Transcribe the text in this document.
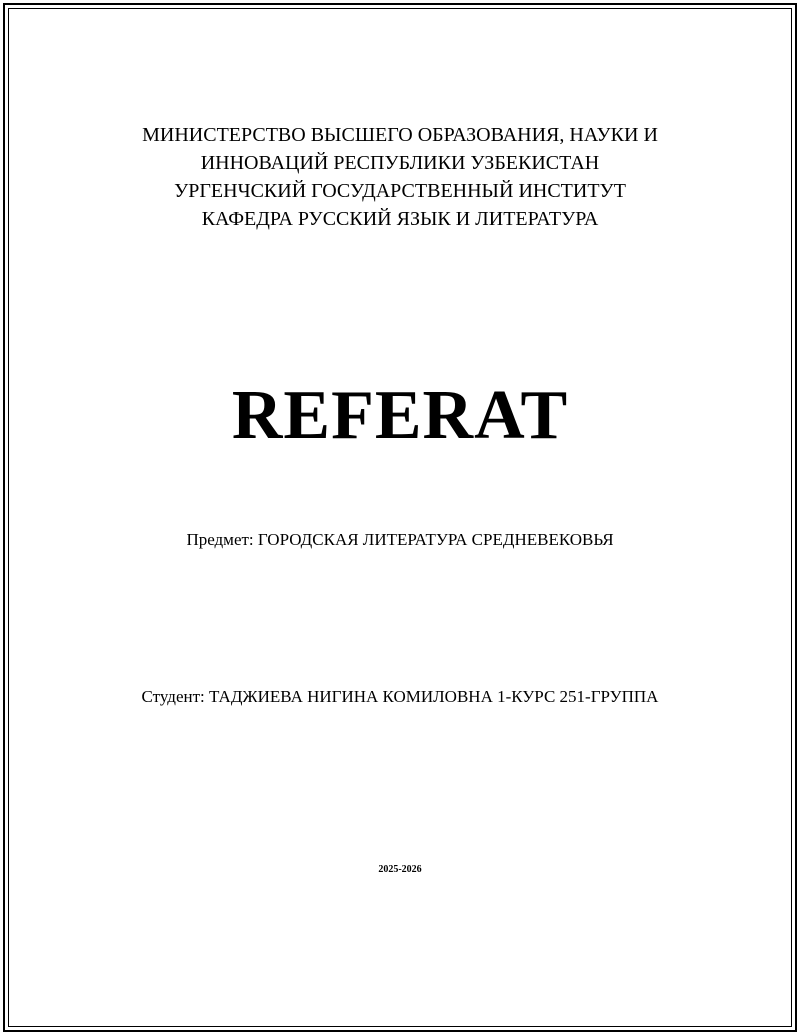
МИНИСТЕРСТВО ВЫСШЕГО ОБРАЗОВАНИЯ, НАУКИ И
ИННОВАЦИЙ РЕСПУБЛИКИ УЗБЕКИСТАН
УРГЕНЧСКИЙ ГОСУДАРСТВЕННЫЙ ИНСТИТУТ
КАФЕДРА РУССКИЙ ЯЗЫК И ЛИТЕРАТУРА
REFERAT
Предмет: ГОРОДСКАЯ ЛИТЕРАТУРА СРЕДНЕВЕКОВЬЯ
Студент: ТАДЖИЕВА НИГИНА КОМИЛОВНА 1-КУРС 251-ГРУППА
2025-2026
